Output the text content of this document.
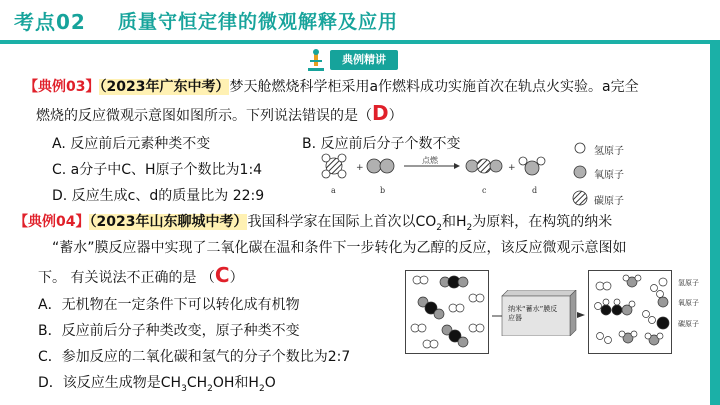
考点02 质量守恒定律的微观解释及应用
典例精讲
【典例03】（2023年广东中考）梦天舱燃烧科学柜采用a作燃料成功实施首次在轨点火实验。a完全
燃烧的反应微观示意图如图所示。下列说法错误的是（D）
A. 反应前后元素种类不变	B. 反应前后分子个数不变
C. a分子中C、H原子个数比为1:4
D. 反应生成c、d的质量比为 22:9
+	+
点燃
a	b	c	d
氢原子
氧原子
碳原子
【典例04】（2023年山东聊城中考）我国科学家在国际上首次以$CO_2$和$H_2$为原料，在构筑的纳米
“蓄水”膜反应器中实现了二氧化碳在温和条件下一步转化为乙醇的反应，该反应微观示意图如
下。 有关说法不正确的是 （C）
A．无机物在一定条件下可以转化成有机物
B．反应前后分子种类改变，原子种类不变
C．参加反应的二氧化碳和氢气的分子个数比为2:7
D．该反应生成物是$CH_3CH_2OH$和$H_2O$
纳米“蓄水”膜反应器
氢原子
氧原子
碳原子
